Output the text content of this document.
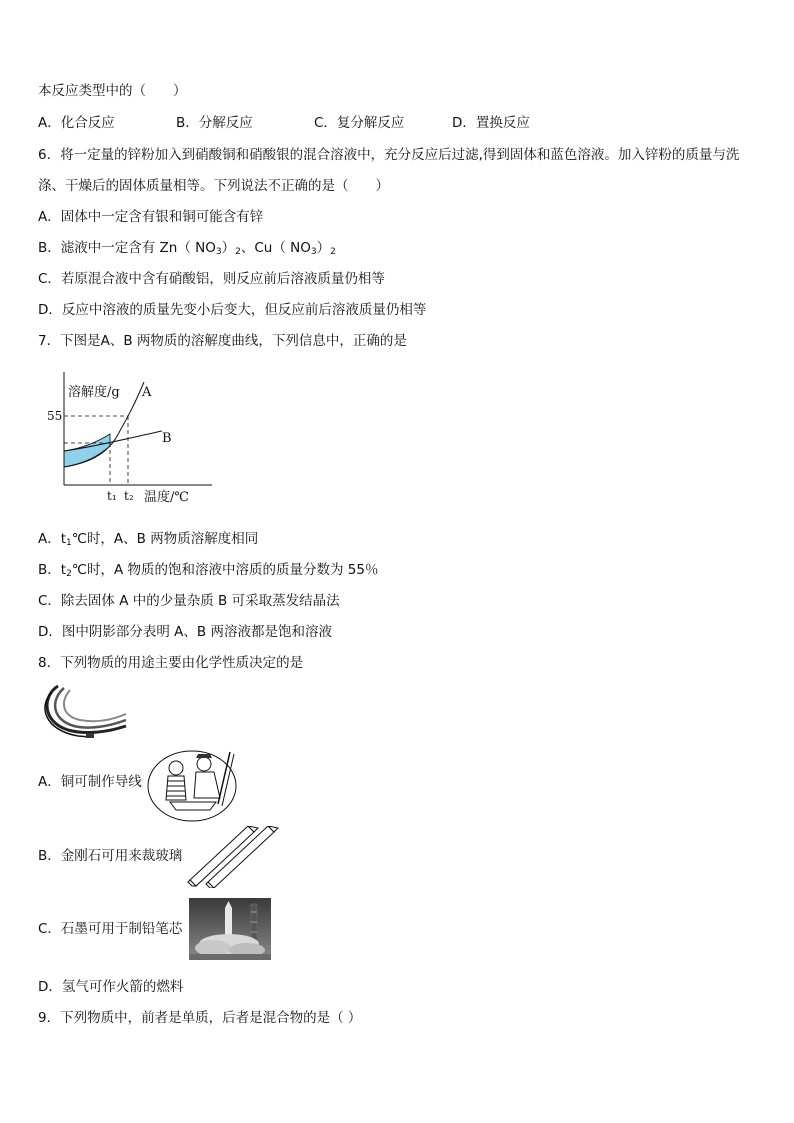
本反应类型中的（　　）
A．化合反应	B．分解反应	C．复分解反应	D．置换反应
6．将一定量的锌粉加入到硝酸铜和硝酸银的混合溶液中，充分反应后过滤,得到固体和蓝色溶液。加入锌粉的质量与洗
涤、干燥后的固体质量相等。下列说法不正确的是（　　）
A．固体中一定含有银和铜可能含有锌
B．滤液中一定含有 Zn（ $NO_3)_2$、Cu（ $NO_3)_2$
C．若原混合液中含有硝酸铝，则反应前后溶液质量仍相等
D．反应中溶液的质量先变小后变大，但反应前后溶液质量仍相等
7．下图是A、B 两物质的溶解度曲线，下列信息中，正确的是
溶解度/g
55
A
B
t₁ t₂ 温度/℃
A．$t_1℃$时，A、B 两物质溶解度相同
B．$t_2℃$时，A 物质的饱和溶液中溶质的质量分数为 55％
C．除去固体 A 中的少量杂质 B 可采取蒸发结晶法
D．图中阴影部分表明 A、B 两溶液都是饱和溶液
8．下列物质的用途主要由化学性质决定的是
A．铜可制作导线
B．金刚石可用来裁玻璃
C．石墨可用于制铅笔芯
D．氢气可作火箭的燃料
9．下列物质中，前者是单质，后者是混合物的是（ ）
